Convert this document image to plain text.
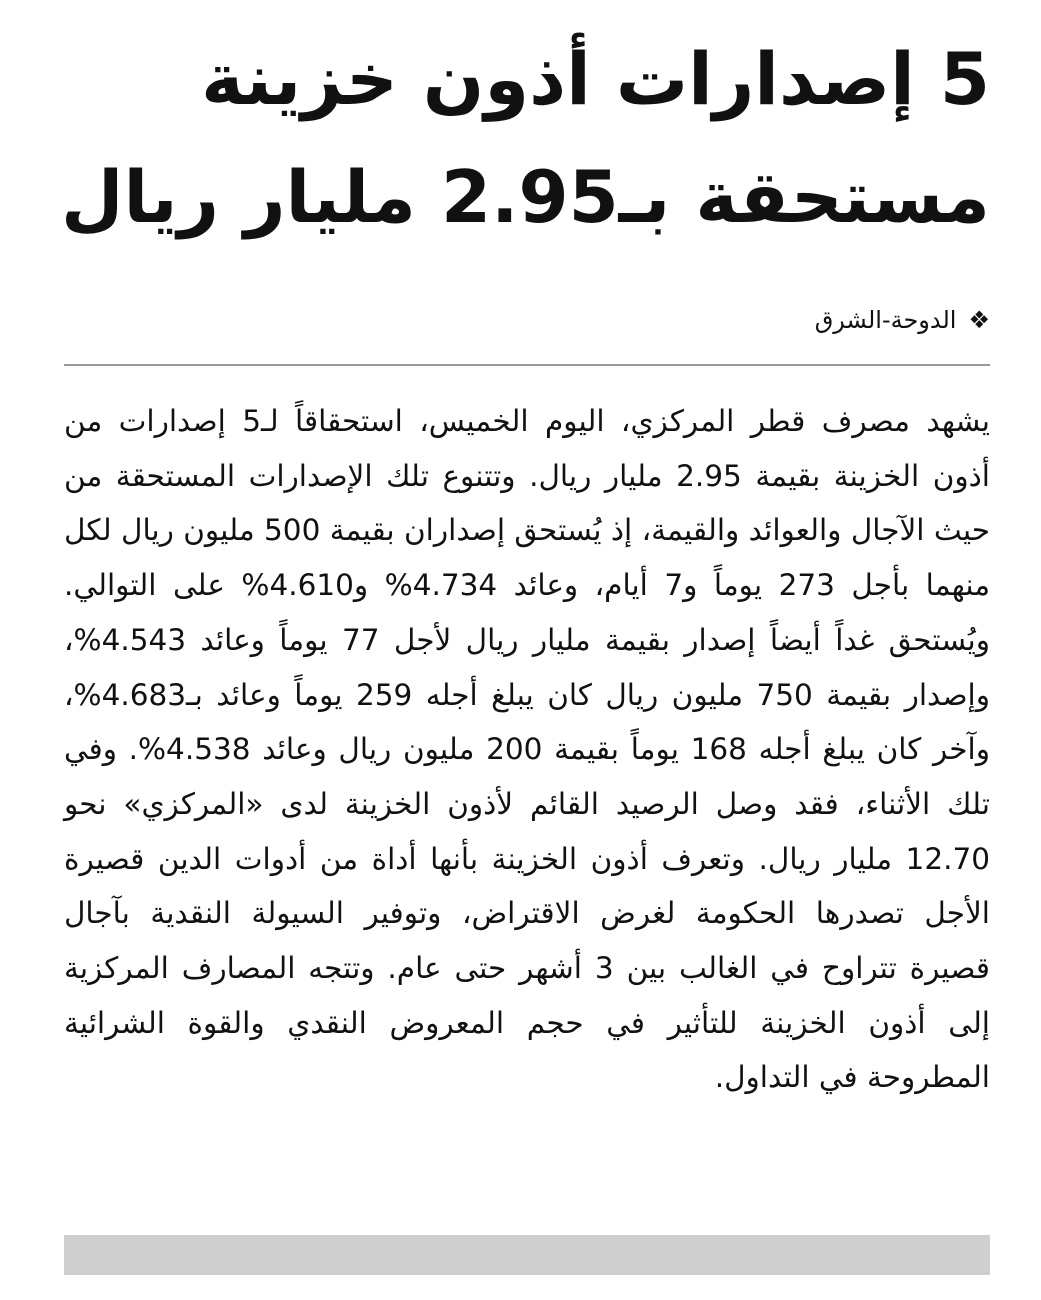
5 إصدارات أذون خزينة
مستحقة بـ2.95 مليار ريال
❖
الدوحة-الشرق

يشهد مصرف قطر المركزي، اليوم الخميس، استحقاقاً لـ5 إصدارات من أذون الخزينة بقيمة 2.95 مليار ريال. وتتنوع تلك الإصدارات المستحقة من حيث الآجال والعوائد والقيمة، إذ يُستحق إصداران بقيمة 500 مليون ريال لكل منهما بأجل 273 يوماً و7 أيام، وعائد 4.734% و4.610% على التوالي. ويُستحق غداً أيضاً إصدار بقيمة مليار ريال لأجل 77 يوماً وعائد 4.543%، وإصدار بقيمة 750 مليون ريال كان يبلغ أجله 259 يوماً وعائد بـ4.683%، وآخر كان يبلغ أجله 168 يوماً بقيمة 200 مليون ريال وعائد 4.538%. وفي تلك الأثناء، فقد وصل الرصيد القائم لأذون الخزينة لدى «المركزي» نحو 12.70 مليار ريال. وتعرف أذون الخزينة بأنها أداة من أدوات الدين قصيرة الأجل تصدرها الحكومة لغرض الاقتراض، وتوفير السيولة النقدية بآجال قصيرة تتراوح في الغالب بين 3 أشهر حتى عام. وتتجه المصارف المركزية إلى أذون الخزينة للتأثير في حجم المعروض النقدي والقوة الشرائية المطروحة في التداول.
